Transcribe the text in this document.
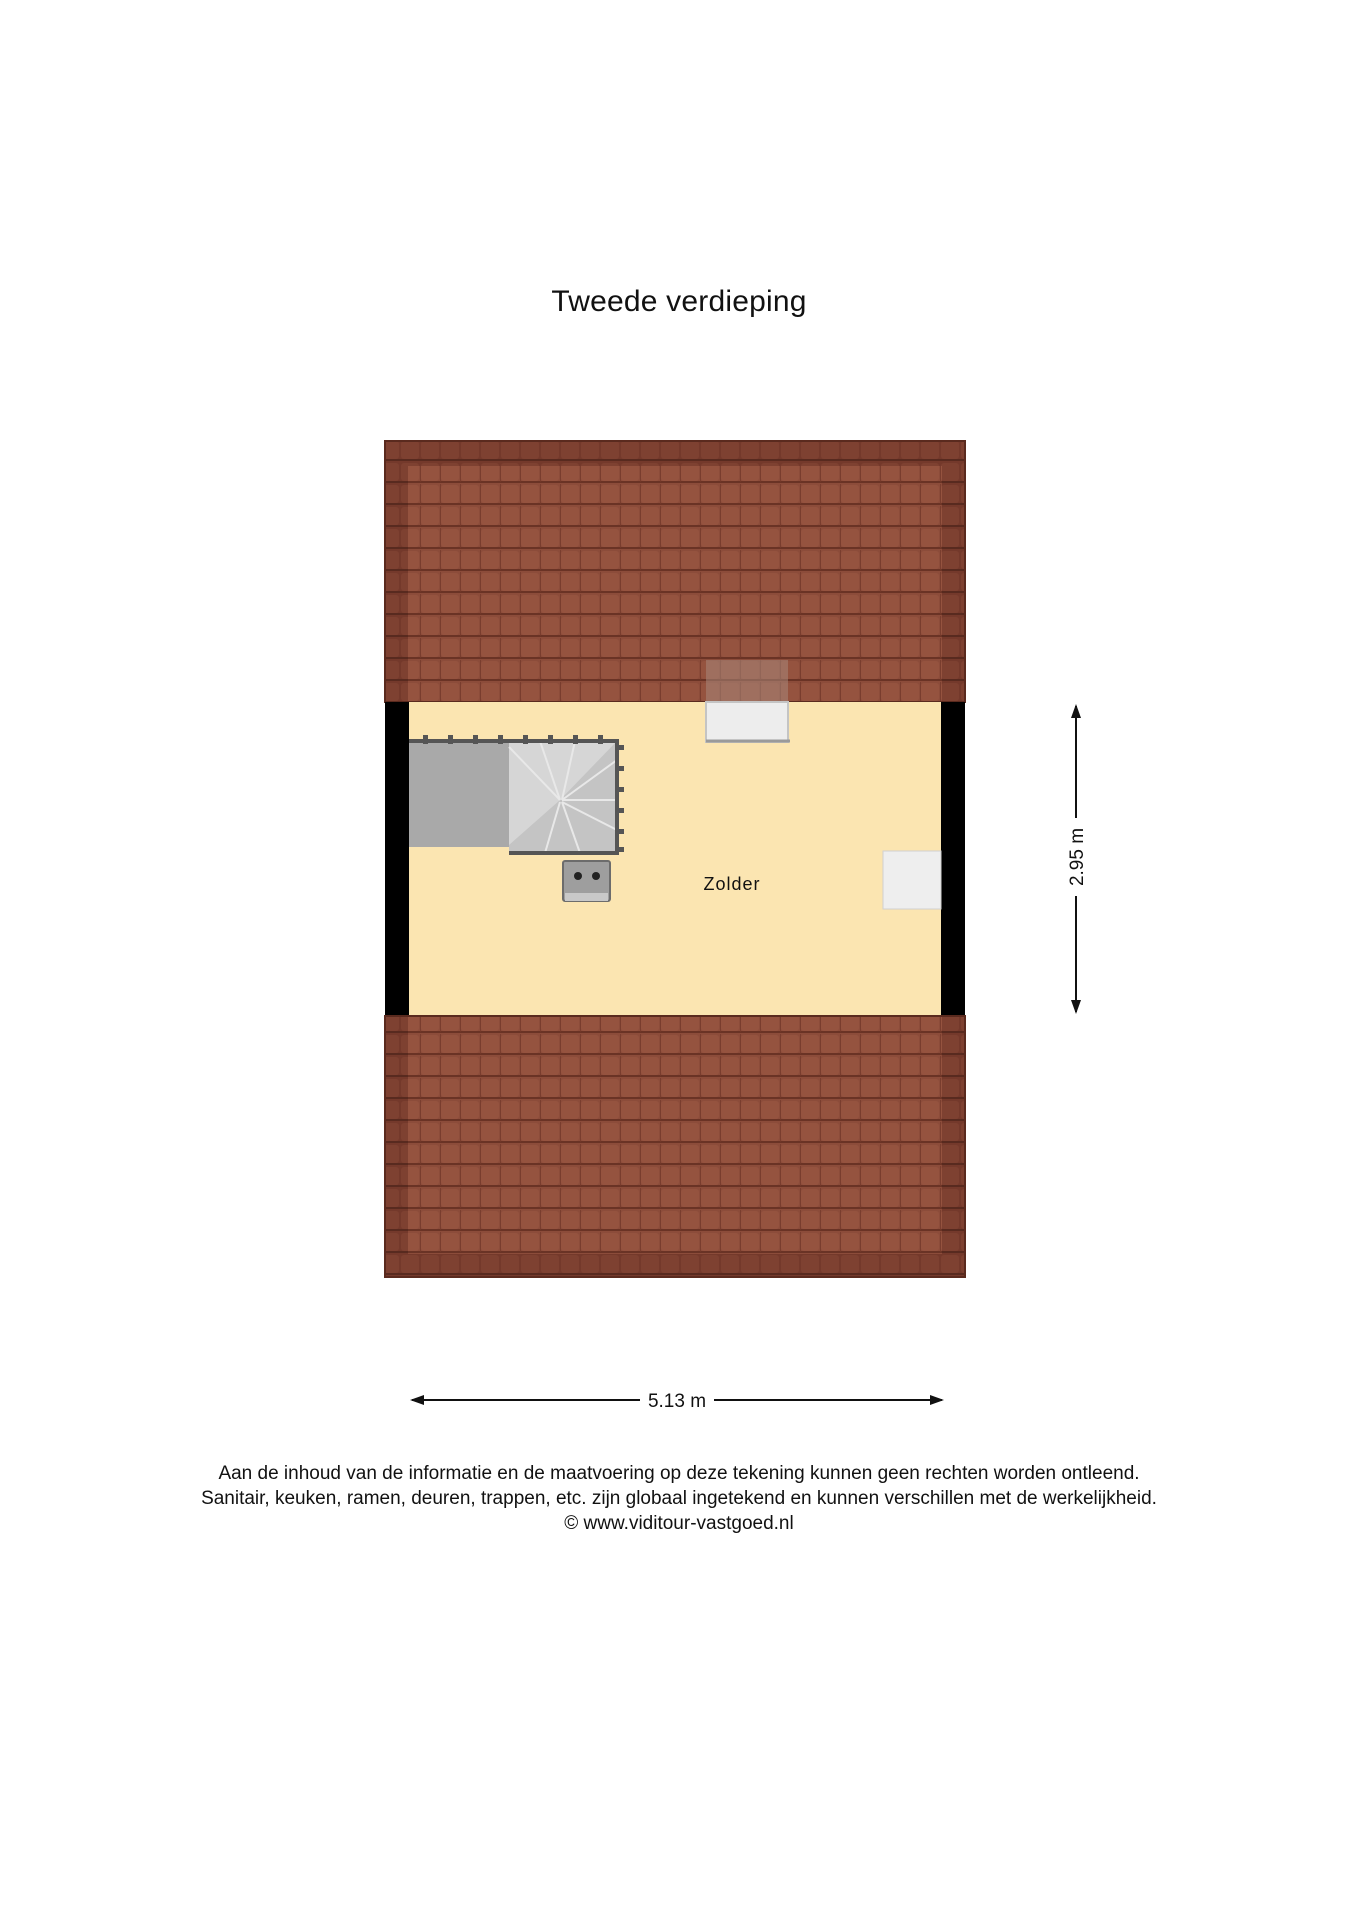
Tweede verdieping
Zolder
5.13 m
2.95 m
Aan de inhoud van de informatie en de maatvoering op deze tekening kunnen geen rechten worden ontleend.
Sanitair, keuken, ramen, deuren, trappen, etc. zijn globaal ingetekend en kunnen verschillen met de werkelijkheid.
© www.viditour-vastgoed.nl
